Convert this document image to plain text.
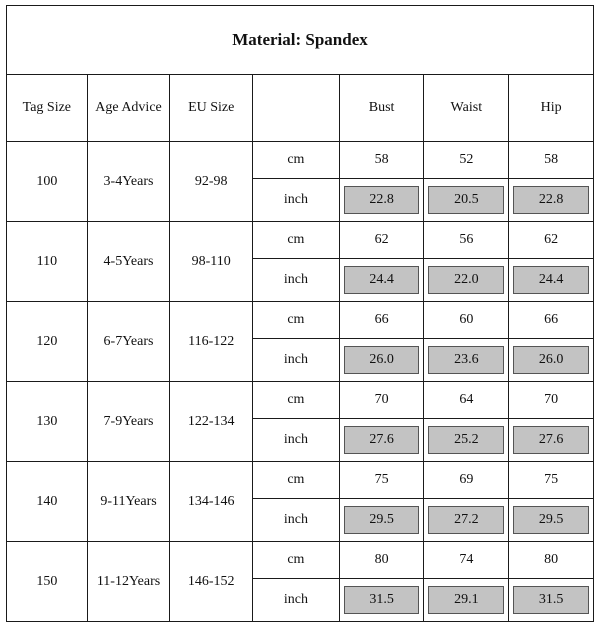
Material: Spandex						
Tag Size	Age Advice	EU Size		Bust	Waist	Hip
100	3-4Years	92-98	cm	58	52	58
			inch	22.8	20.5	22.8

110	4-5Years	98-110	cm	62	56	62
			inch	24.4	22.0	24.4

120	6-7Years	116-122	cm	66	60	66
			inch	26.0	23.6	26.0

130	7-9Years	122-134	cm	70	64	70
			inch	27.6	25.2	27.6

140	9-11Years	134-146	cm	75	69	75
			inch	29.5	27.2	29.5

150	11-12Years	146-152	cm	80	74	80
			inch	31.5	29.1	31.5
